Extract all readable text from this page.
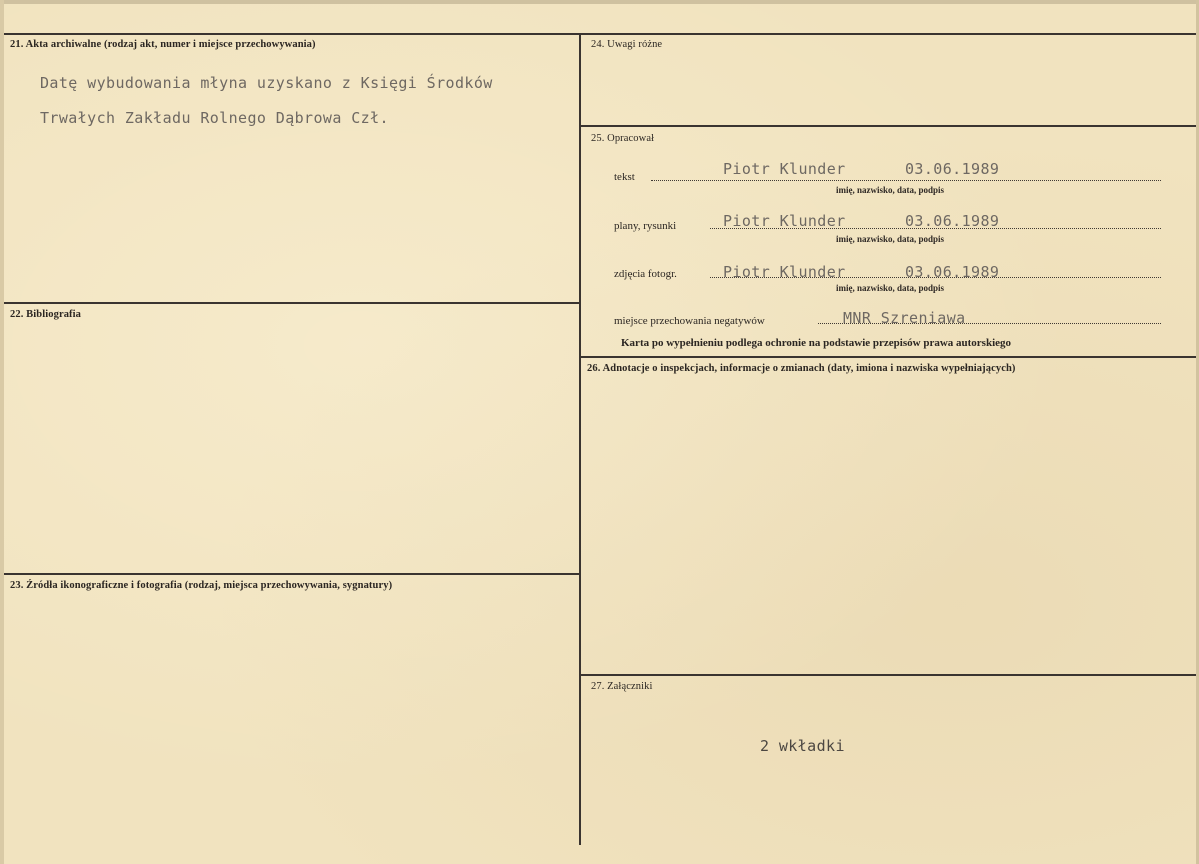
21. Akta archiwalne (rodzaj akt, numer i miejsce przechowywania)
Datę wybudowania młyna uzyskano z Księgi Środków
Trwałych Zakładu Rolnego Dąbrowa Czł.
22. Bibliografia
23. Źródła ikonograficzne i fotografia (rodzaj, miejsca przechowywania, sygnatury)
24. Uwagi różne
25. Opracował
tekst	Piotr Klunder	03.06.1989
imię, nazwisko, data, podpis
plany, rysunki	Piotr Klunder	03.06.1989
imię, nazwisko, data, podpis
zdjęcia fotogr.	Piotr Klunder	03.06.1989
imię, nazwisko, data, podpis
miejsce przechowania negatywów	MNR Szreniawa
Karta po wypełnieniu podlega ochronie na podstawie przepisów prawa autorskiego
26. Adnotacje o inspekcjach, informacje o zmianach (daty, imiona i nazwiska wypełniających)
27. Załączniki
2 wkładki
